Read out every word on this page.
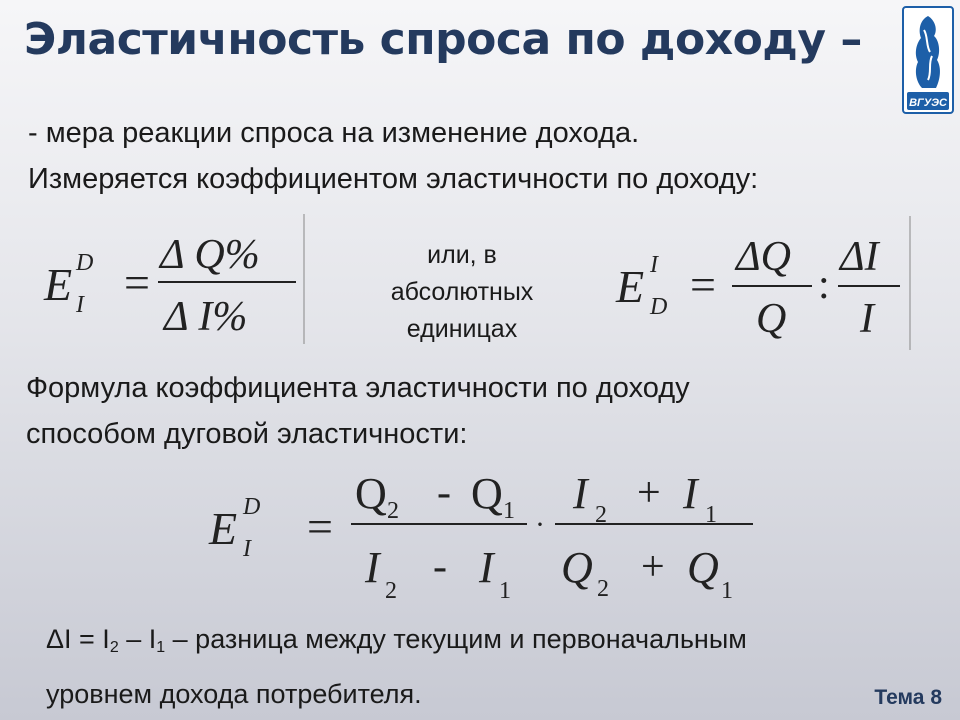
Эластичность спроса по доходу –
ВГУЭС
- мера реакции спроса на изменение дохода.
Измеряется коэффициентом эластичности по доходу:
E D
I =
Δ Q%
Δ I%
или, в
абсолютных
единицах
E I
D =
ΔQ
Q
:
ΔI
I
Формула коэффициента эластичности по доходу
способом дуговой эластичности:
E D
I =
Q 2 - Q 1
I 2
- I 1
·
I 2 + I 1
Q 2 + Q 1
$\Delta I = I_2 - I_1$ – разница между текущим и первоначальным
уровнем дохода потребителя.	Тема 8
